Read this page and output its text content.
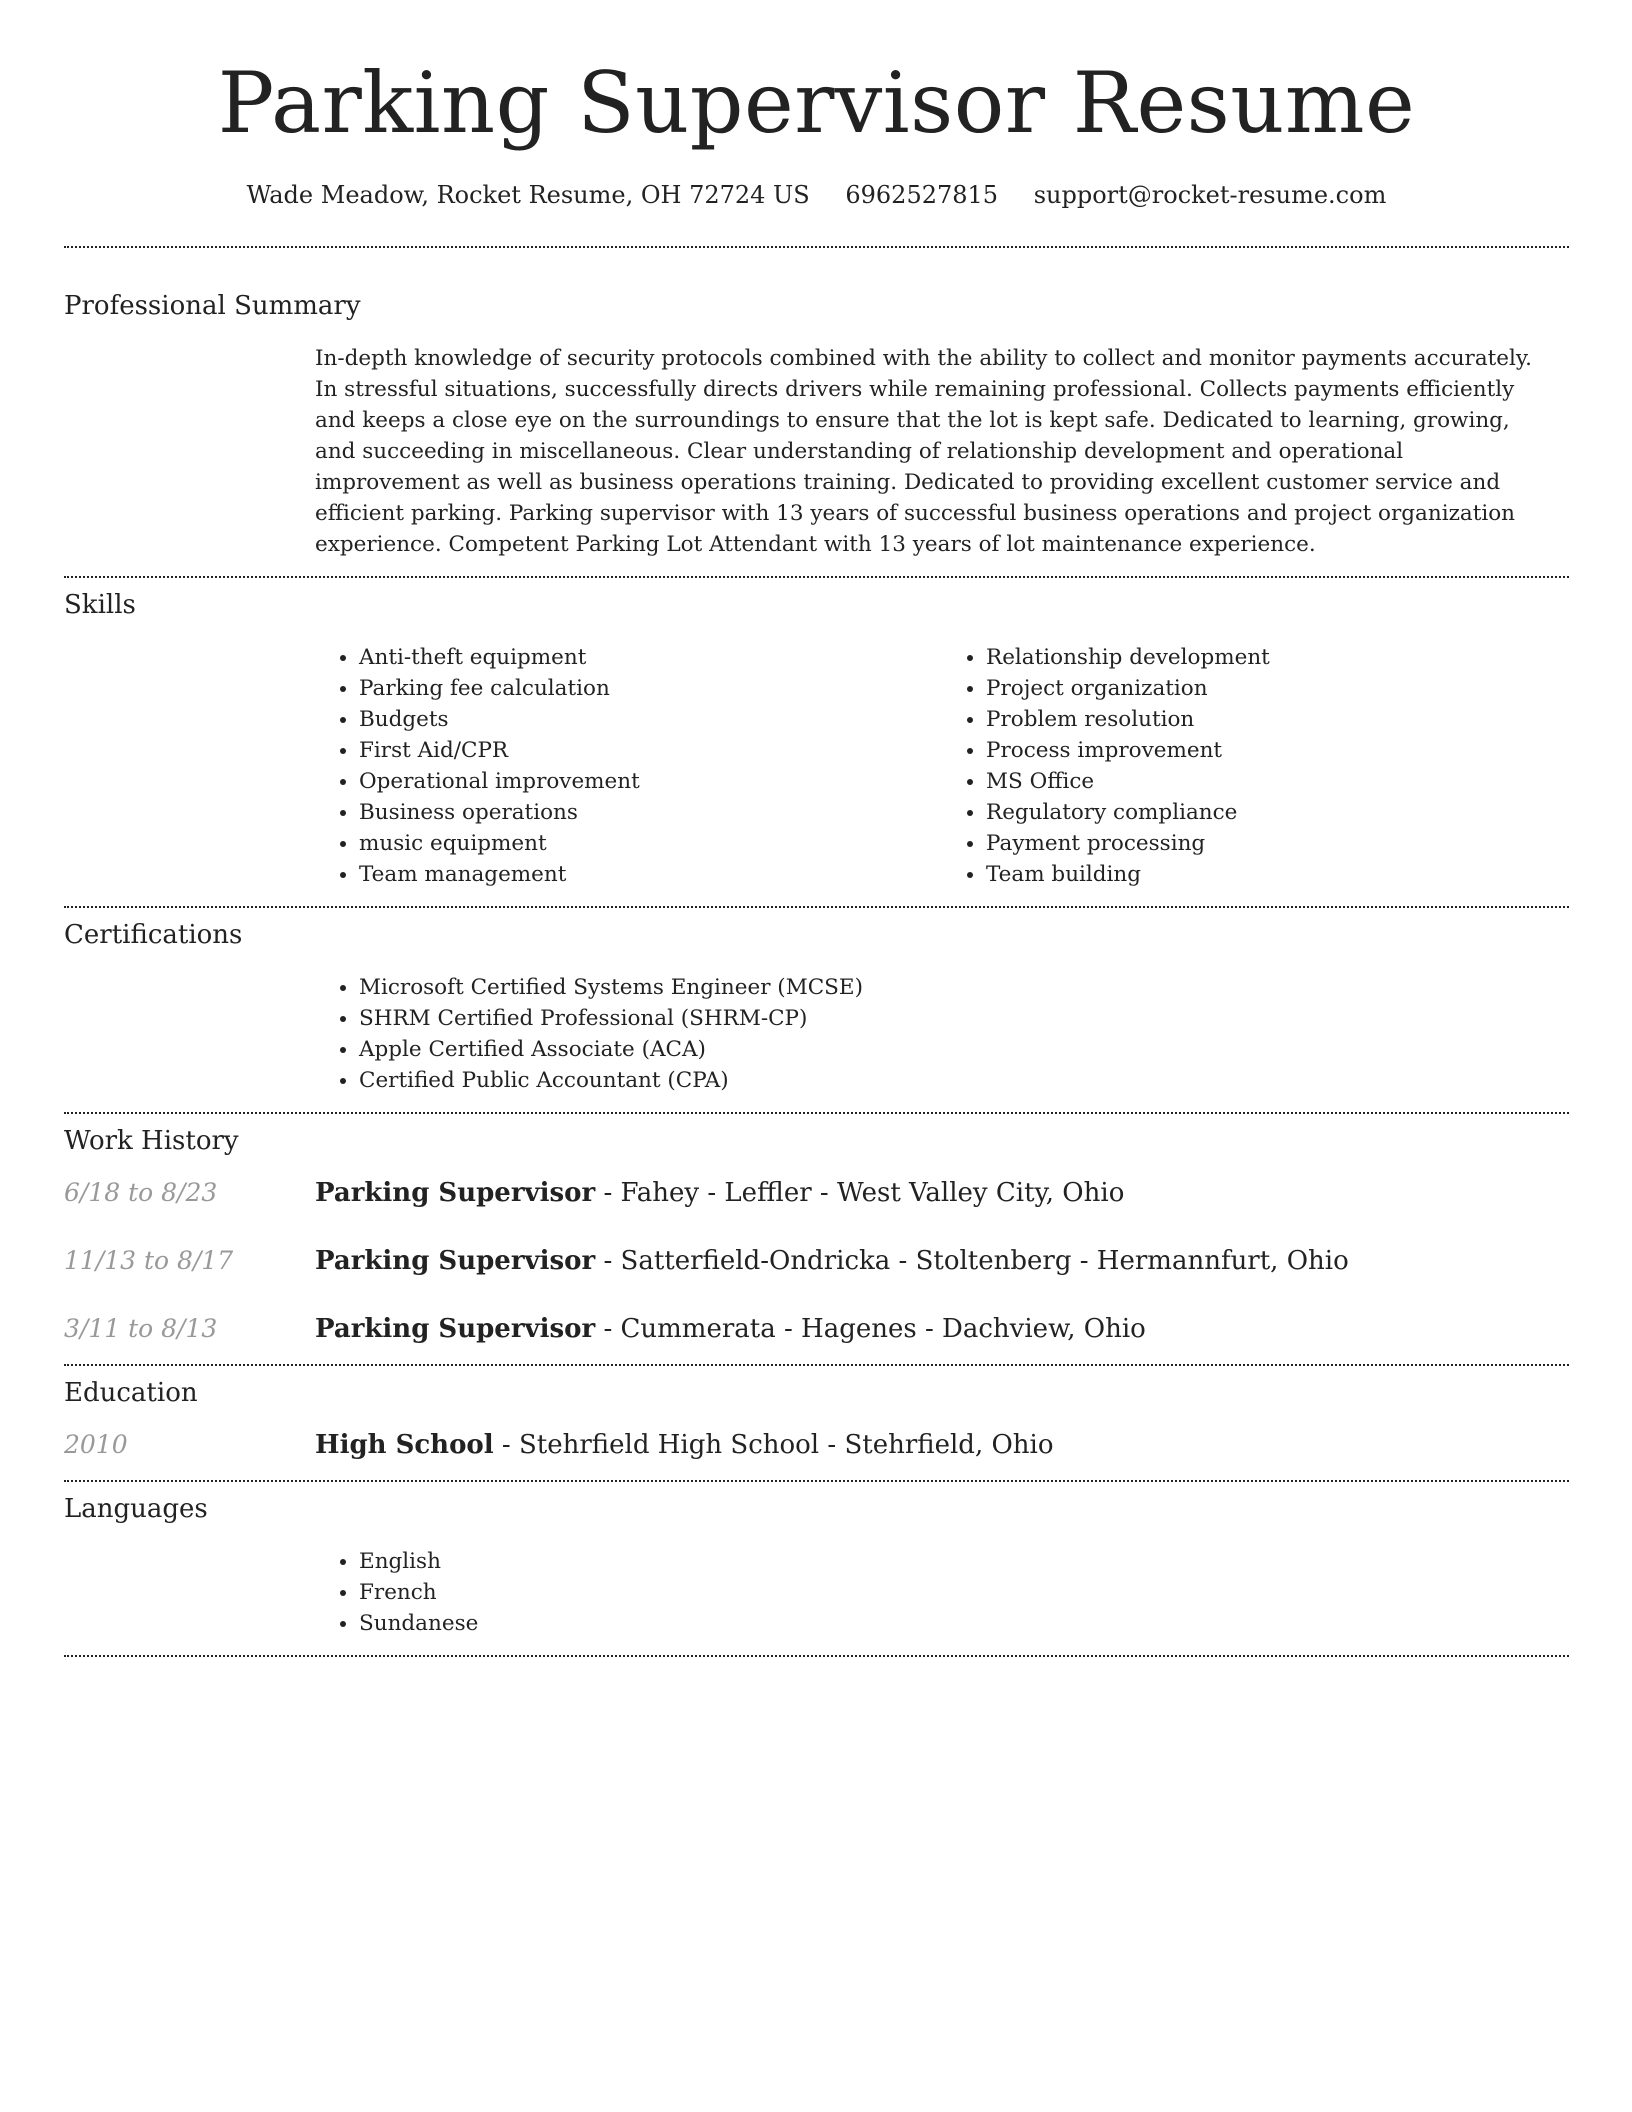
Parking Supervisor Resume
Wade Meadow, Rocket Resume, OH 72724 US 6962527815 support@rocket-resume.com
Professional Summary
In-depth knowledge of security protocols combined with the ability to collect and monitor payments accurately. In stressful situations, successfully directs drivers while remaining professional. Collects payments efficiently and keeps a close eye on the surroundings to ensure that the lot is kept safe. Dedicated to learning, growing, and succeeding in miscellaneous. Clear understanding of relationship development and operational improvement as well as business operations training. Dedicated to providing excellent customer service and efficient parking. Parking supervisor with 13 years of successful business operations and project organization experience. Competent Parking Lot Attendant with 13 years of lot maintenance experience.
Skills
• Anti-theft equipment
• Parking fee calculation
• Budgets
• First Aid/CPR
• Operational improvement
• Business operations
• music equipment
• Team management
• Relationship development
• Project organization
• Problem resolution
• Process improvement
• MS Office
• Regulatory compliance
• Payment processing
• Team building
Certifications
• Microsoft Certified Systems Engineer (MCSE)
• SHRM Certified Professional (SHRM-CP)
• Apple Certified Associate (ACA)
• Certified Public Accountant (CPA)
Work History
6/18 to 8/23	Parking Supervisor - Fahey - Leffler - West Valley City, Ohio
11/13 to 8/17	Parking Supervisor - Satterfield-Ondricka - Stoltenberg - Hermannfurt, Ohio
3/11 to 8/13	Parking Supervisor - Cummerata - Hagenes - Dachview, Ohio
Education
2010	High School - Stehrfield High School - Stehrfield, Ohio
Languages
• English
• French
• Sundanese
